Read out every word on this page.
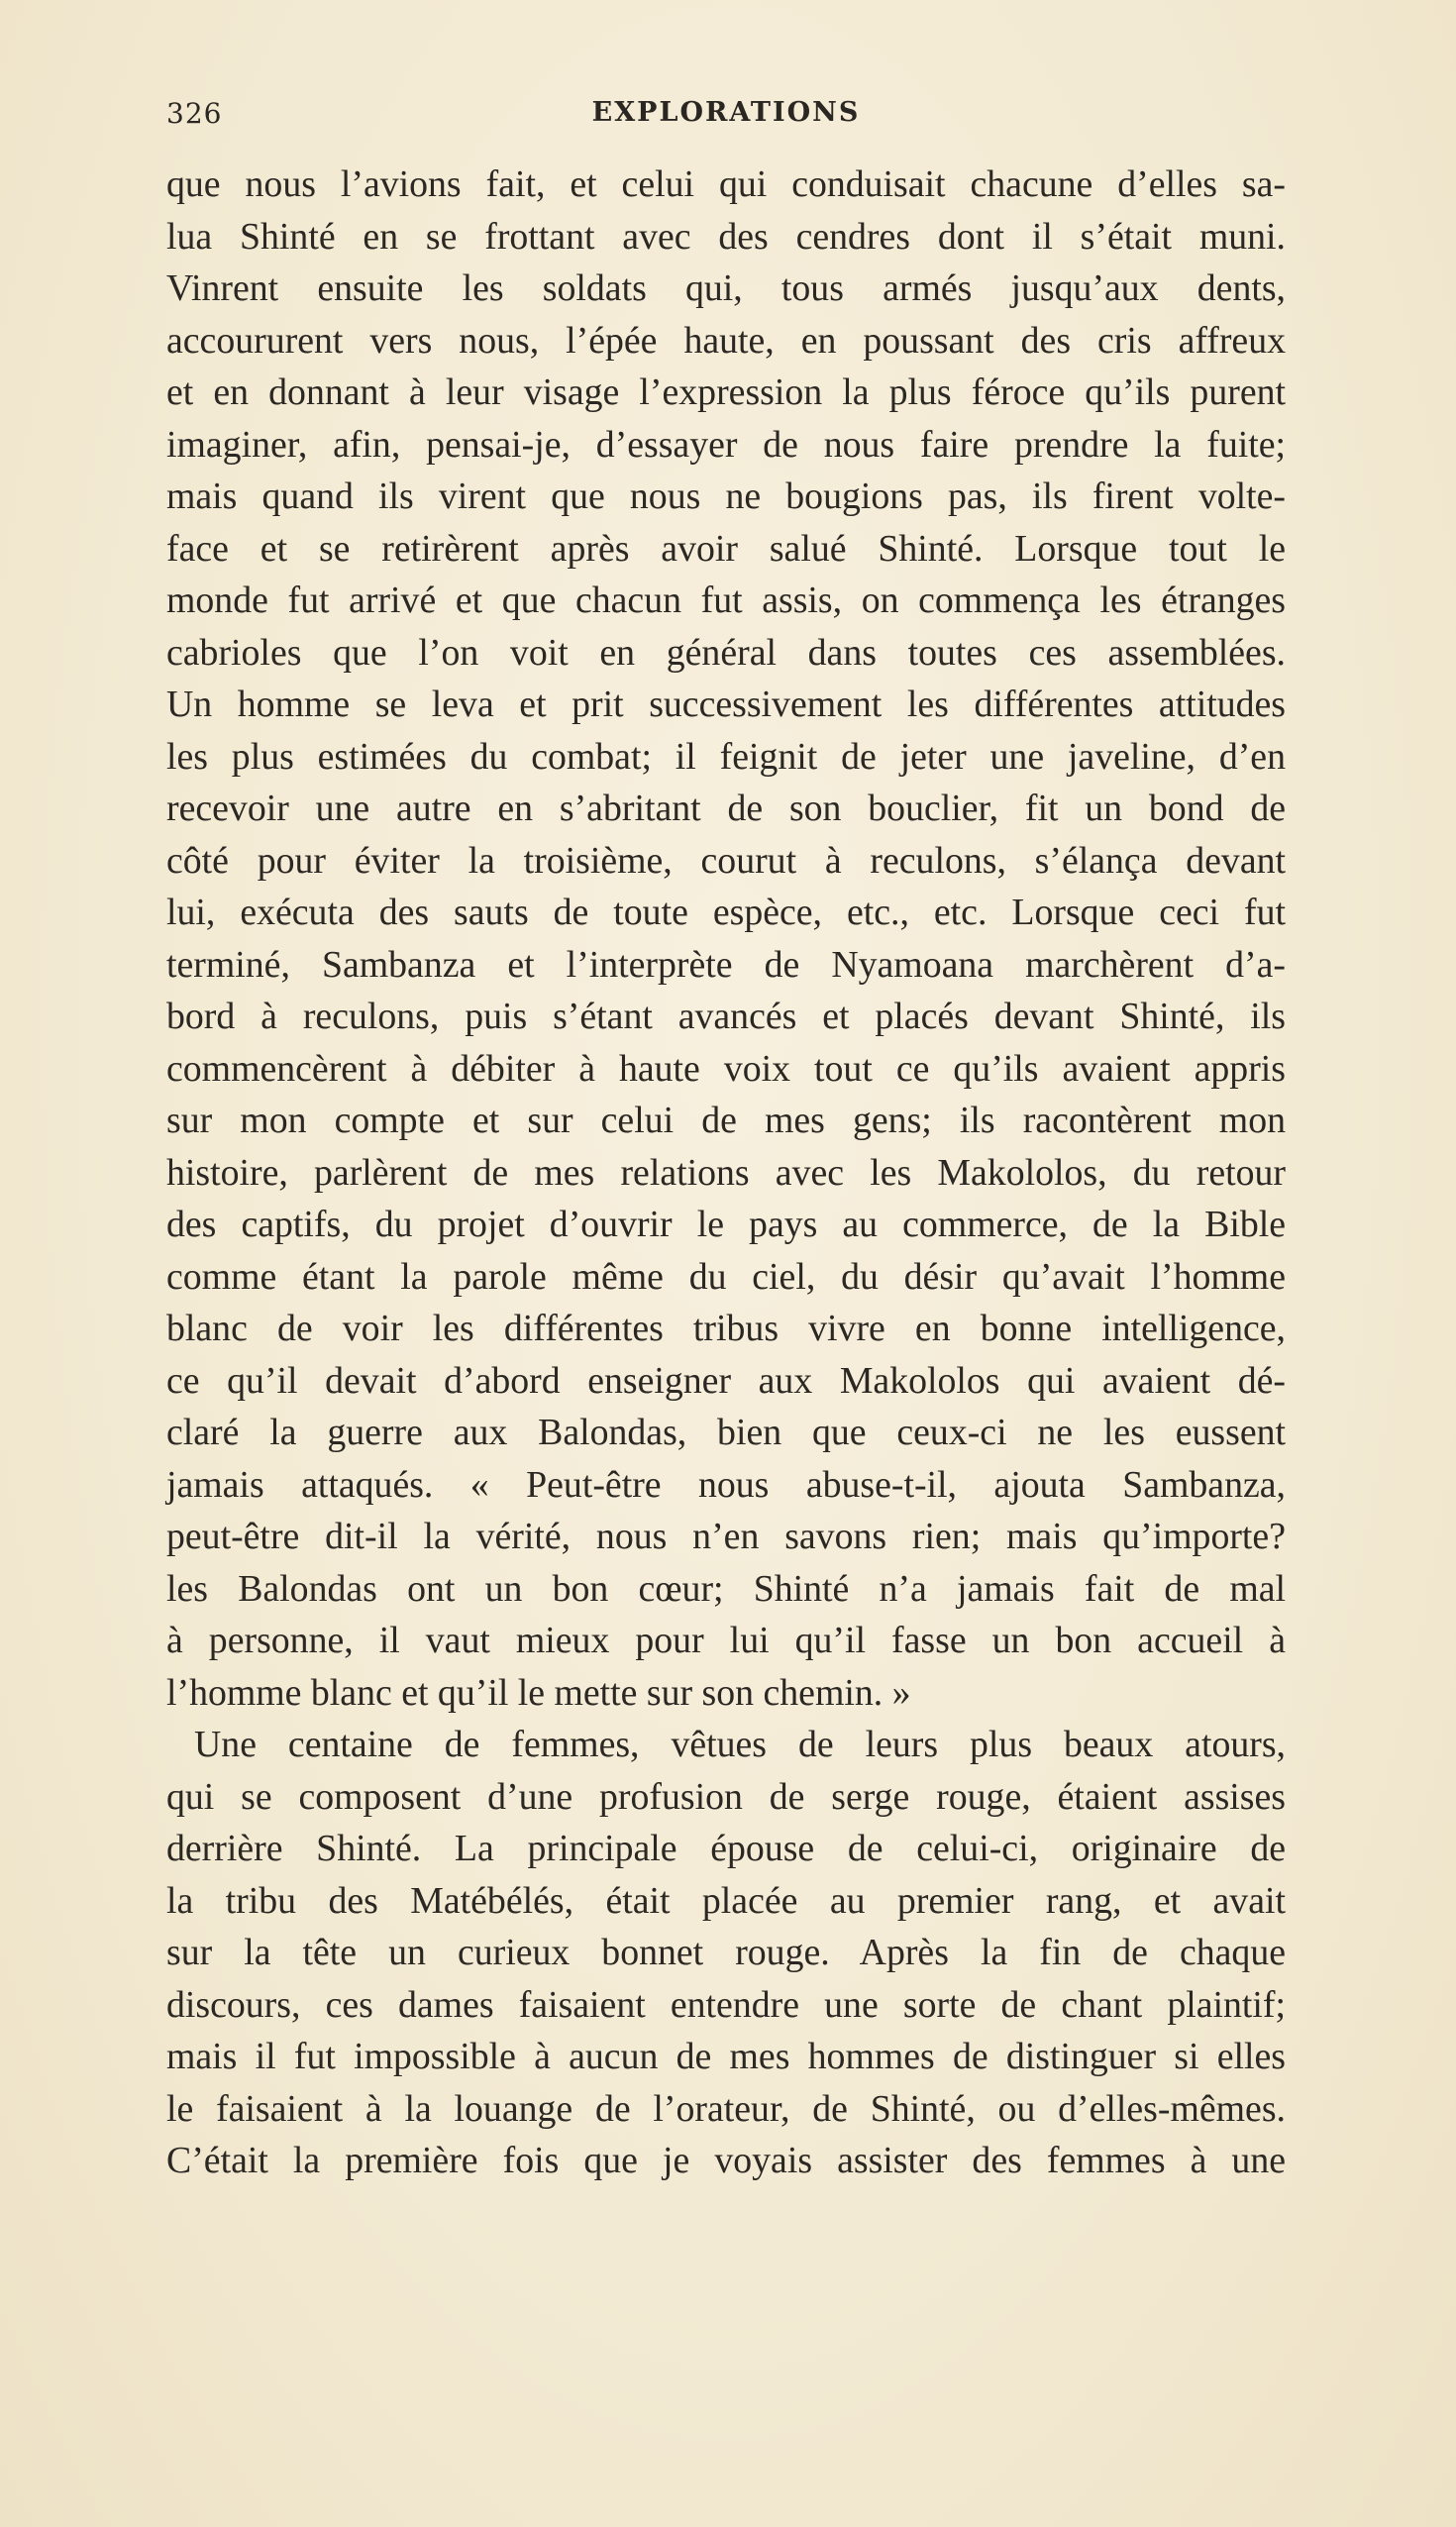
326	EXPLORATIONS
que nous l’avions fait, et celui qui conduisait chacune d’elles sa-
lua Shinté en se frottant avec des cendres dont il s’était muni.
Vinrent ensuite les soldats qui, tous armés jusqu’aux dents,
accoururent vers nous, l’épée haute, en poussant des cris affreux
et en donnant à leur visage l’expression la plus féroce qu’ils purent
imaginer, afin, pensai-je, d’essayer de nous faire prendre la fuite;
mais quand ils virent que nous ne bougions pas, ils firent volte-
face et se retirèrent après avoir salué Shinté. Lorsque tout le
monde fut arrivé et que chacun fut assis, on commença les étranges
cabrioles que l’on voit en général dans toutes ces assemblées.
Un homme se leva et prit successivement les différentes attitudes
les plus estimées du combat; il feignit de jeter une javeline, d’en
recevoir une autre en s’abritant de son bouclier, fit un bond de
côté pour éviter la troisième, courut à reculons, s’élança devant
lui, exécuta des sauts de toute espèce, etc., etc. Lorsque ceci fut
terminé, Sambanza et l’interprète de Nyamoana marchèrent d’a-
bord à reculons, puis s’étant avancés et placés devant Shinté, ils
commencèrent à débiter à haute voix tout ce qu’ils avaient appris
sur mon compte et sur celui de mes gens; ils racontèrent mon
histoire, parlèrent de mes relations avec les Makololos, du retour
des captifs, du projet d’ouvrir le pays au commerce, de la Bible
comme étant la parole même du ciel, du désir qu’avait l’homme
blanc de voir les différentes tribus vivre en bonne intelligence,
ce qu’il devait d’abord enseigner aux Makololos qui avaient dé-
claré la guerre aux Balondas, bien que ceux-ci ne les eussent
jamais attaqués. « Peut-être nous abuse-t-il, ajouta Sambanza,
peut-être dit-il la vérité, nous n’en savons rien; mais qu’importe?
les Balondas ont un bon cœur; Shinté n’a jamais fait de mal
à personne, il vaut mieux pour lui qu’il fasse un bon accueil à
l’homme blanc et qu’il le mette sur son chemin. »
Une centaine de femmes, vêtues de leurs plus beaux atours,
qui se composent d’une profusion de serge rouge, étaient assises
derrière Shinté. La principale épouse de celui-ci, originaire de
la tribu des Matébélés, était placée au premier rang, et avait
sur la tête un curieux bonnet rouge. Après la fin de chaque
discours, ces dames faisaient entendre une sorte de chant plaintif;
mais il fut impossible à aucun de mes hommes de distinguer si elles
le faisaient à la louange de l’orateur, de Shinté, ou d’elles-mêmes.
C’était la première fois que je voyais assister des femmes à une
